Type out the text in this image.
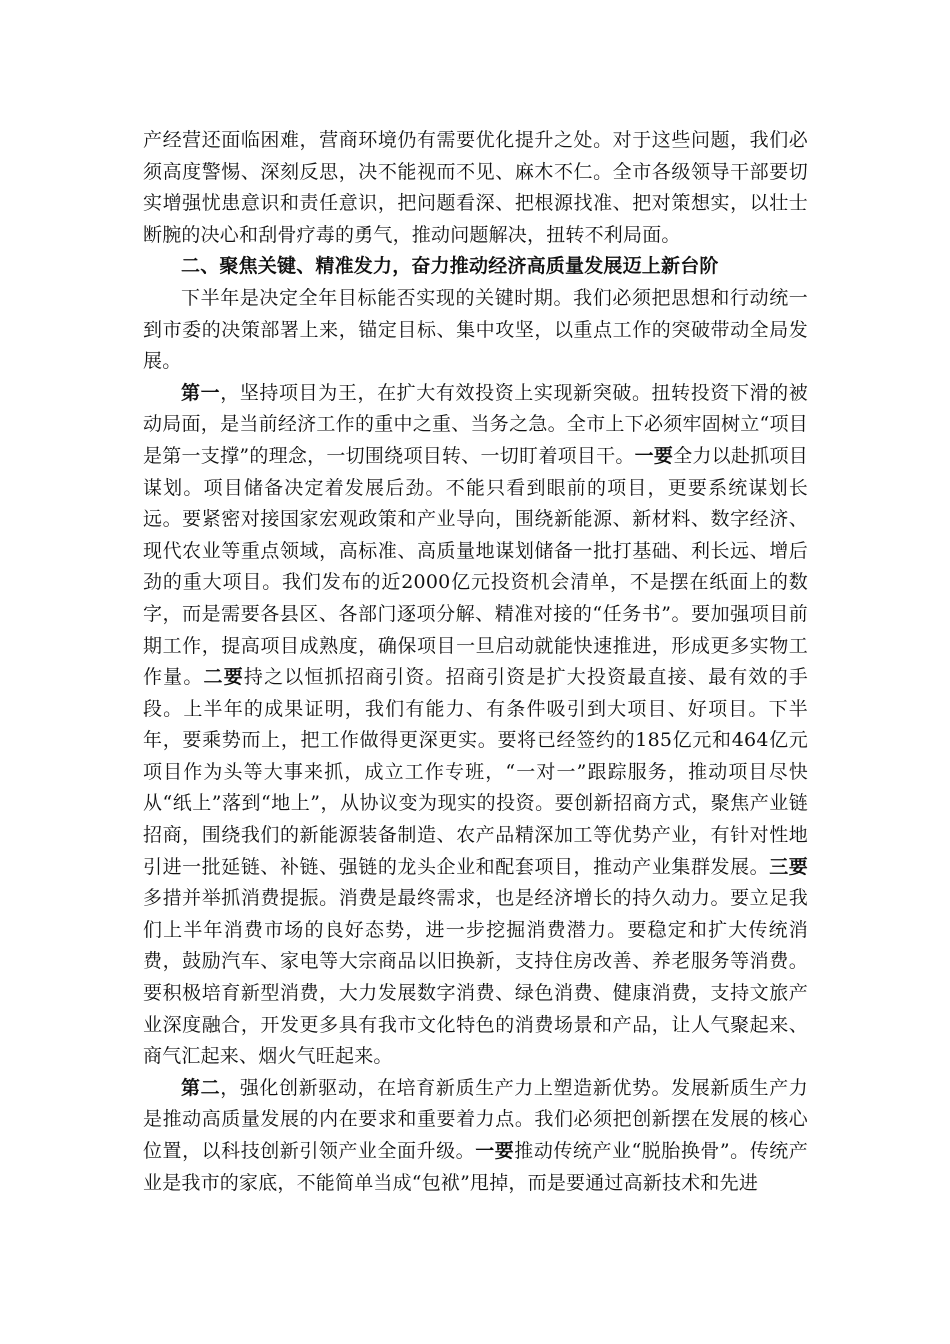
产经营还面临困难，营商环境仍有需要优化提升之处。对于这些问题，我们必须高度警惕、深刻反思，决不能视而不见、麻木不仁。全市各级领导干部要切实增强忧患意识和责任意识，把问题看深、把根源找准、把对策想实，以壮士断腕的决心和刮骨疗毒的勇气，推动问题解决，扭转不利局面。

二、聚焦关键、精准发力，奋力推动经济高质量发展迈上新台阶

下半年是决定全年目标能否实现的关键时期。我们必须把思想和行动统一到市委的决策部署上来，锚定目标、集中攻坚，以重点工作的突破带动全局发展。

第一，坚持项目为王，在扩大有效投资上实现新突破。扭转投资下滑的被动局面，是当前经济工作的重中之重、当务之急。全市上下必须牢固树立“项目是第一支撑”的理念，一切围绕项目转、一切盯着项目干。一要全力以赴抓项目谋划。项目储备决定着发展后劲。不能只看到眼前的项目，更要系统谋划长远。要紧密对接国家宏观政策和产业导向，围绕新能源、新材料、数字经济、现代农业等重点领域，高标准、高质量地谋划储备一批打基础、利长远、增后劲的重大项目。我们发布的近2000亿元投资机会清单，不是摆在纸面上的数字，而是需要各县区、各部门逐项分解、精准对接的“任务书”。要加强项目前期工作，提高项目成熟度，确保项目一旦启动就能快速推进，形成更多实物工作量。二要持之以恒抓招商引资。招商引资是扩大投资最直接、最有效的手段。上半年的成果证明，我们有能力、有条件吸引到大项目、好项目。下半年，要乘势而上，把工作做得更深更实。要将已经签约的185亿元和464亿元项目作为头等大事来抓，成立工作专班，“一对一”跟踪服务，推动项目尽快从“纸上”落到“地上”，从协议变为现实的投资。要创新招商方式，聚焦产业链招商，围绕我们的新能源装备制造、农产品精深加工等优势产业，有针对性地引进一批延链、补链、强链的龙头企业和配套项目，推动产业集群发展。三要多措并举抓消费提振。消费是最终需求，也是经济增长的持久动力。要立足我们上半年消费市场的良好态势，进一步挖掘消费潜力。要稳定和扩大传统消费，鼓励汽车、家电等大宗商品以旧换新，支持住房改善、养老服务等消费。要积极培育新型消费，大力发展数字消费、绿色消费、健康消费，支持文旅产业深度融合，开发更多具有我市文化特色的消费场景和产品，让人气聚起来、商气汇起来、烟火气旺起来。

第二，强化创新驱动，在培育新质生产力上塑造新优势。发展新质生产力是推动高质量发展的内在要求和重要着力点。我们必须把创新摆在发展的核心位置，以科技创新引领产业全面升级。一要推动传统产业“脱胎换骨”。传统产业是我市的家底，不能简单当成“包袱”甩掉，而是要通过高新技术和先进
